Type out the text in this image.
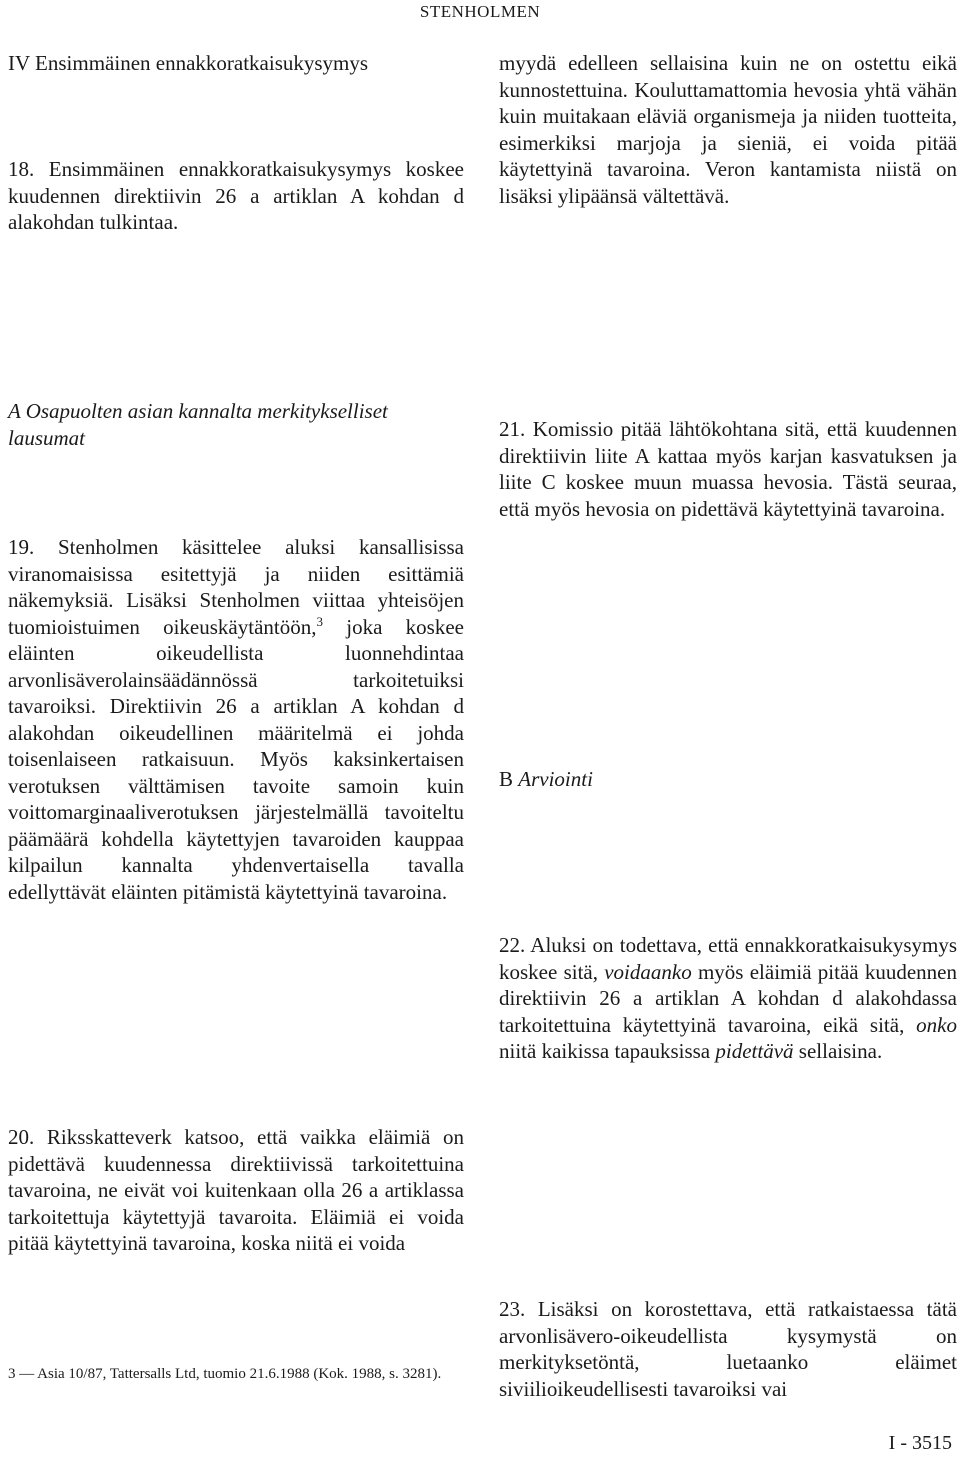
STENHOLMEN

IV Ensimmäinen ennakkoratkaisukysymys

18. Ensimmäinen ennakkoratkaisukysymys koskee kuudennen direktiivin 26 a artiklan A kohdan d alakohdan tulkintaa.

A Osapuolten asian kannalta merkitykselliset lausumat

19. Stenholmen käsittelee aluksi kansallisissa viranomaisissa esitettyjä ja niiden esittämiä näkemyksiä. Lisäksi Stenholmen viittaa yhteisöjen tuomioistuimen oikeuskäytäntöön,$^3$ joka koskee eläinten oikeudellista luonnehdintaa arvonlisäverolainsäädännössä tarkoitetuiksi tavaroiksi. Direktiivin 26 a artiklan A kohdan d alakohdan oikeudellinen määritelmä ei johda toisenlaiseen ratkaisuun. Myös kaksinkertaisen verotuksen välttämisen tavoite samoin kuin voittomarginaaliverotuksen järjestelmällä tavoiteltu päämäärä kohdella käytettyjen tavaroiden kauppaa kilpailun kannalta yhdenvertaisella tavalla edellyttävät eläinten pitämistä käytettyinä tavaroina.

20. Riksskatteverk katsoo, että vaikka eläimiä on pidettävä kuudennessa direktiivissä tarkoitettuina tavaroina, ne eivät voi kuitenkaan olla 26 a artiklassa tarkoitettuja käytettyjä tavaroita. Eläimiä ei voida pitää käytettyinä tavaroina, koska niitä ei voida

3 — Asia 10/87, Tattersalls Ltd, tuomio 21.6.1988 (Kok. 1988, s. 3281).

myydä edelleen sellaisina kuin ne on ostettu eikä kunnostettuina. Kouluttamattomia hevosia yhtä vähän kuin muitakaan eläviä organismeja ja niiden tuotteita, esimerkiksi marjoja ja sieniä, ei voida pitää käytettyinä tavaroina. Veron kantamista niistä on lisäksi ylipäänsä vältettävä.

21. Komissio pitää lähtökohtana sitä, että kuudennen direktiivin liite A kattaa myös karjan kasvatuksen ja liite C koskee muun muassa hevosia. Tästä seuraa, että myös hevosia on pidettävä käytettyinä tavaroina.

B Arviointi

22. Aluksi on todettava, että ennakkoratkaisukysymys koskee sitä, voidaanko myös eläimiä pitää kuudennen direktiivin 26 a artiklan A kohdan d alakohdassa tarkoitettuina käytettyinä tavaroina, eikä sitä, onko niitä kaikissa tapauksissa pidettävä sellaisina.

23. Lisäksi on korostettava, että ratkaistaessa tätä arvonlisävero-oikeudellista kysymystä on merkityksetöntä, luetaanko eläimet siviilioikeudellisesti tavaroiksi vai

I - 3515
